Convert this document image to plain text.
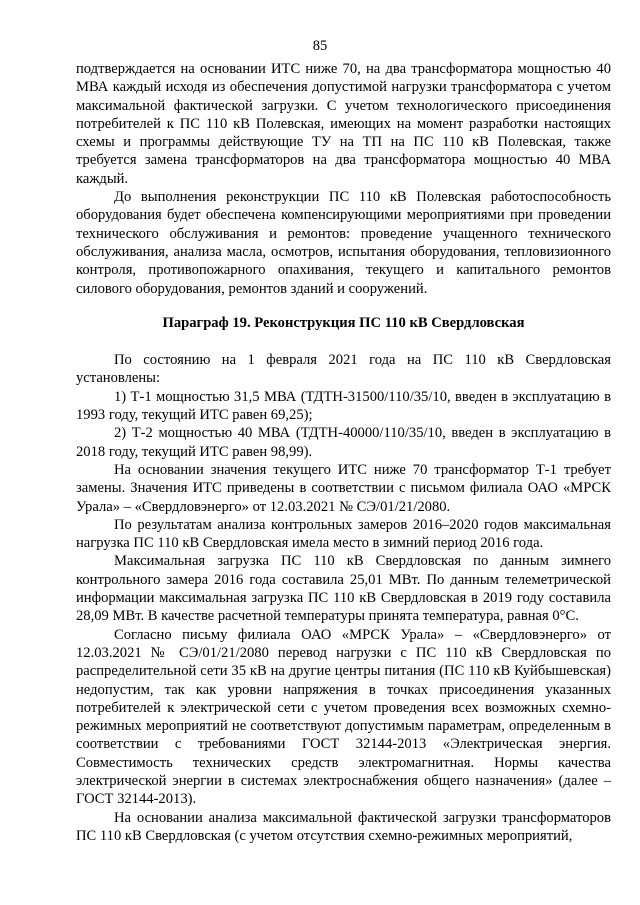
85

подтверждается на основании ИТС ниже 70, на два трансформатора мощностью 40 МВА каждый исходя из обеспечения допустимой нагрузки трансформатора с учетом максимальной фактической загрузки. С учетом технологического присоединения потребителей к ПС 110 кВ Полевская, имеющих на момент разработки настоящих схемы и программы действующие ТУ на ТП на ПС 110 кВ Полевская, также требуется замена трансформаторов на два трансформатора мощностью 40 МВА каждый.

До выполнения реконструкции ПС 110 кВ Полевская работоспособность оборудования будет обеспечена компенсирующими мероприятиями при проведении технического обслуживания и ремонтов: проведение учащенного технического обслуживания, анализа масла, осмотров, испытания оборудования, тепловизионного контроля, противопожарного опахивания, текущего и капитального ремонтов силового оборудования, ремонтов зданий и сооружений.

Параграф 19. Реконструкция ПС 110 кВ Свердловская

По состоянию на 1 февраля 2021 года на ПС 110 кВ Свердловская установлены:

1) Т-1 мощностью 31,5 МВА (ТДТН-31500/110/35/10, введен в эксплуатацию в 1993 году, текущий ИТС равен 69,25);

2) Т-2 мощностью 40 МВА (ТДТН-40000/110/35/10, введен в эксплуатацию в 2018 году, текущий ИТС равен 98,99).

На основании значения текущего ИТС ниже 70 трансформатор Т-1 требует замены. Значения ИТС приведены в соответствии с письмом филиала ОАО «МРСК Урала» – «Свердловэнерго» от 12.03.2021 № СЭ/01/21/2080.

По результатам анализа контрольных замеров 2016–2020 годов максимальная нагрузка ПС 110 кВ Свердловская имела место в зимний период 2016 года.

Максимальная загрузка ПС 110 кВ Свердловская по данным зимнего контрольного замера 2016 года составила 25,01 МВт. По данным телеметрической информации максимальная загрузка ПС 110 кВ Свердловская в 2019 году составила 28,09 МВт. В качестве расчетной температуры принята температура, равная 0°С.

Согласно письму филиала ОАО «МРСК Урала» – «Свердловэнерго» от 12.03.2021 № СЭ/01/21/2080 перевод нагрузки с ПС 110 кВ Свердловская по распределительной сети 35 кВ на другие центры питания (ПС 110 кВ Куйбышевская) недопустим, так как уровни напряжения в точках присоединения указанных потребителей к электрической сети с учетом проведения всех возможных схемно-режимных мероприятий не соответствуют допустимым параметрам, определенным в соответствии с требованиями ГОСТ 32144-2013 «Электрическая энергия. Совместимость технических средств электромагнитная. Нормы качества электрической энергии в системах электроснабжения общего назначения» (далее – ГОСТ 32144-2013).

На основании анализа максимальной фактической загрузки трансформаторов ПС 110 кВ Свердловская (с учетом отсутствия схемно-режимных мероприятий,
